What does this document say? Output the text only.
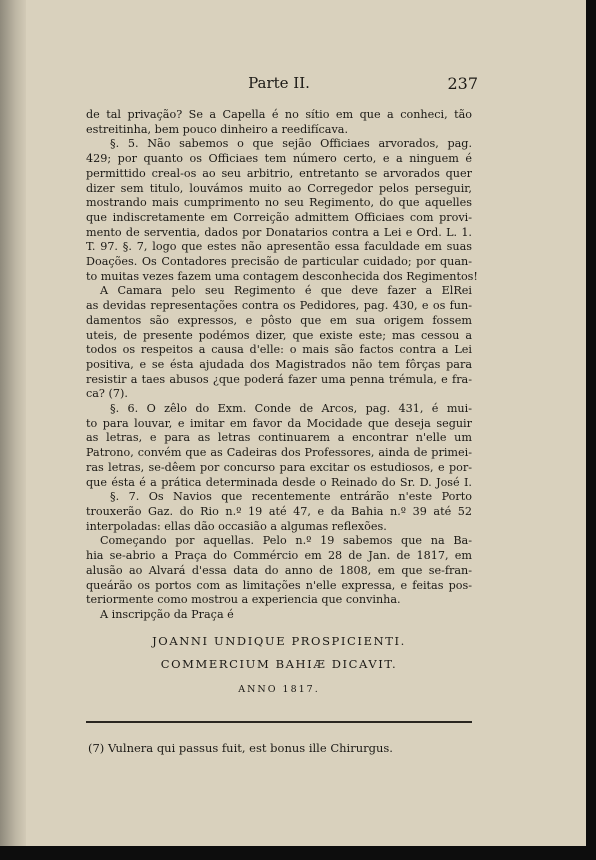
Parte II.	237
de tal privação? Se a Capella é no sítio em que a conheci, tão
estreitinha, bem pouco dinheiro a reedifícava.
§. 5. Não sabemos o que sejão Officiaes arvorados, pag.
429; por quanto os Officiaes tem número certo, e a ninguem é
permittido creal-os ao seu arbitrio, entretanto se arvorados quer
dizer sem titulo, louvámos muito ao Corregedor pelos perseguir,
mostrando mais cumprimento no seu Regimento, do que aquelles
que indiscretamente em Correição admittem Officiaes com provi-
mento de serventia, dados por Donatarios contra a Lei e Ord. L. 1.
T. 97. §. 7, logo que estes não apresentão essa faculdade em suas
Doações. Os Contadores precisão de particular cuidado; por quan-
to muitas vezes fazem uma contagem desconhecida dos Regimentos!
A Camara pelo seu Regimento é que deve fazer a ElRei
as devidas representações contra os Pedidores, pag. 430, e os fun-
damentos são expressos, e pôsto que em sua origem fossem
uteis, de presente podémos dizer, que existe este; mas cessou a
todos os respeitos a causa d'elle: o mais são factos contra a Lei
positiva, e se ésta ajudada dos Magistrados não tem fôrças para
resistir a taes abusos ¿que poderá fazer uma penna trémula, e fra-
ca? (7).
§. 6. O zêlo do Exm. Conde de Arcos, pag. 431, é mui-
to para louvar, e imitar em favor da Mocidade que deseja seguir
as letras, e para as letras continuarem a encontrar n'elle um
Patrono, convém que as Cadeiras dos Professores, ainda de primei-
ras letras, se-dêem por concurso para excitar os estudiosos, e por-
que ésta é a prática determinada desde o Reinado do Sr. D. José I.
§. 7. Os Navios que recentemente entrárão n'este Porto
trouxerão Gaz. do Rio n.º 19 até 47, e da Bahia n.º 39 até 52
interpoladas: ellas dão occasião a algumas reflexões.
Começando por aquellas. Pelo n.º 19 sabemos que na Ba-
hia se-abrio a Praça do Commércio em 28 de Jan. de 1817, em
alusão ao Alvará d'essa data do anno de 1808, em que se-fran-
queárão os portos com as limitações n'elle expressa, e feitas pos-
teriormente como mostrou a experiencia que convinha.
A inscripção da Praça é
JOANNI UNDIQUE PROSPICIENTI.
COMMERCIUM BAHIÆ DICAVIT.
ANNO 1817.
(7) Vulnera qui passus fuit, est bonus ille Chirurgus.
